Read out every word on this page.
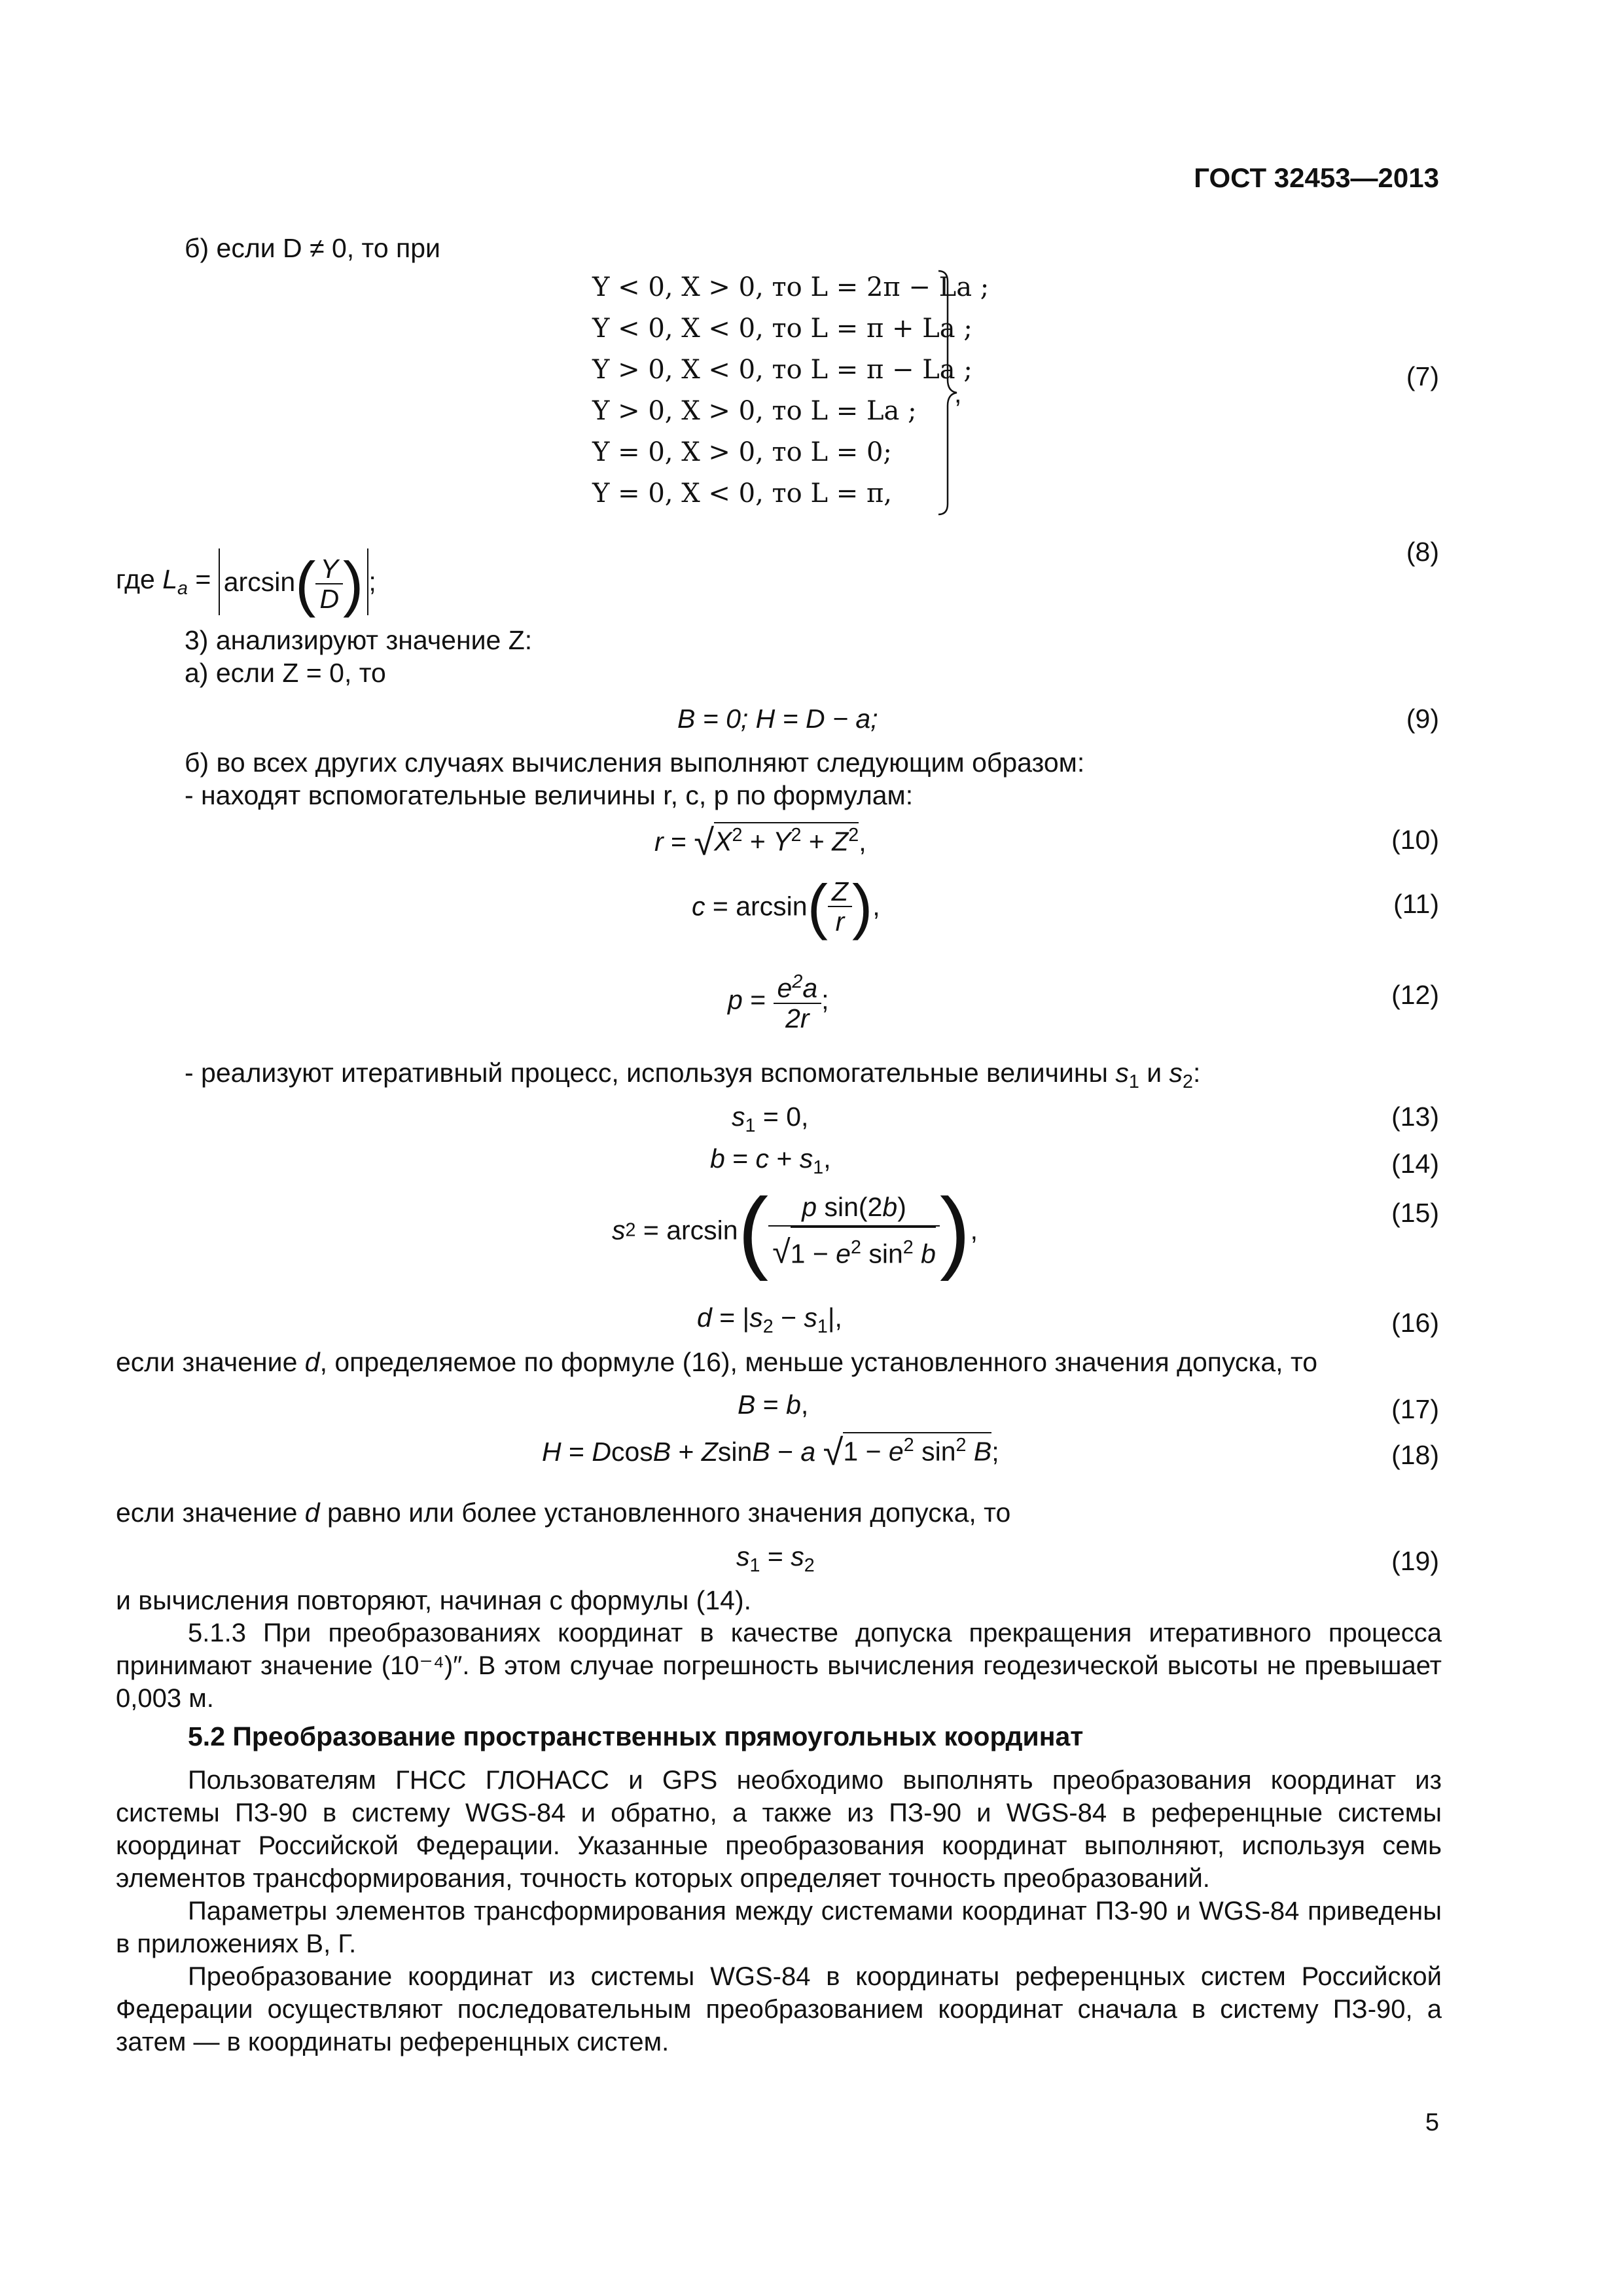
ГОСТ 32453—2013
б) если D ≠ 0, то при
Y < 0, X > 0, то L = 2π − La ;
Y < 0, X < 0, то L = π + La ;
Y > 0, X < 0, то L = π − La ;
Y > 0, X > 0, то L = La ;
Y = 0, X > 0, то L = 0;
Y = 0, X < 0, то L = π,
,
(7)
где $L_a = \arcsin( \frac{Y}{D}$ ) ;
(8)
3) анализируют значение Z:
а) если Z = 0, то
B = 0; H = D − a;	(9)
б) во всех других случаях вычисления выполняют следующим образом:
- находят вспомогательные величины r, c, p по формулам:
$r = √X^2 + Y^2 + Z^2$,	(10)
$c = \arcsin( \frac{Z}{r}$ ),	(11)
$p = \frac{e^2a}{2r}$ ;	(12)
- реализуют итеративный процесс, используя вспомогательные величины $s_1$ и $s_2$:
$s_1 = 0$,	(13)
$b = c + s_1$,	(14)
$s2 = \arcsin( \frac{\text{p sin(2b)}}{√1 - e^2 \sin^2 b}$ ),
(15)
$d = |s_2 - s_1|$,	(16)
если значение d, определяемое по формуле (16), меньше установленного значения допуска, то
B = b,	(17)
H = DcosB + ZsinB − a $√1 - e^2$ $\sin^2 B$;	(18)
если значение d равно или более установленного значения допуска, то
$s_1 = s_2$	(19)
и вычисления повторяют, начиная с формулы (14).
5.1.3 При преобразованиях координат в качестве допуска прекращения итеративного процесса принимают значение (10⁻⁴)″. В этом случае погрешность вычисления геодезической высоты не превышает 0,003 м.
5.2 Преобразование пространственных прямоугольных координат
Пользователям ГНСС ГЛОНАСС и GPS необходимо выполнять преобразования координат из системы ПЗ-90 в систему WGS-84 и обратно, а также из ПЗ-90 и WGS-84 в референцные системы координат Российской Федерации. Указанные преобразования координат выполняют, используя семь элементов трансформирования, точность которых определяет точность преобразований.
Параметры элементов трансформирования между системами координат ПЗ-90 и WGS-84 приведены в приложениях В, Г.
Преобразование координат из системы WGS-84 в координаты референцных систем Российской Федерации осуществляют последовательным преобразованием координат сначала в систему ПЗ-90, а затем — в координаты референцных систем.
5
